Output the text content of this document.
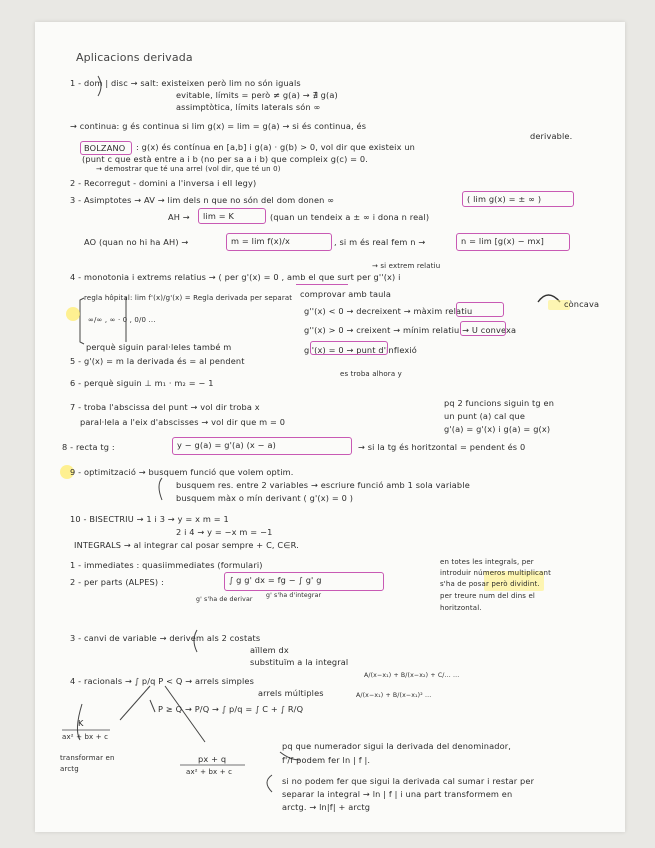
Aplicacions derivada
1 - dom | disc → salt: existeixen però lim no són iguals
evitable, límits = però ≠ g(a) → ∄ g(a)
assimptòtica, límits laterals són ∞
→ continua: g és continua si lim g(x) = lim = g(a) → si és continua, és
derivable.
BOLZANO : g(x) és contínua en [a,b] i g(a) · g(b) > 0, vol dir que existeix un
(punt c que està entre a i b (no per sa a i b) que compleix g(c) = 0.
→ demostrar que té una arrel (vol dir, que té un 0)
2 - Recorregut - domini a l'inversa i ell legy)
3 - Asimptotes → AV → lim dels n que no són del dom donen ∞	( lim g(x) = ± ∞ )
AH → lim = K	(quan un tendeix a ± ∞ i dona n real)
AO (quan no hi ha AH) →	m = lim f(x)/x	, si m és real fem n →	n = lim [g(x) − mx]
→ si extrem relatiu
4 - monotonia i extrems relatius → ( per g'(x) = 0 , amb el que surt per g''(x) i
comprovar amb taula
regla hôpital: lim f'(x)/g'(x) = Regla derivada per separat
∞/∞ , ∞ · 0 , 0/0 ...
g''(x) < 0 → decreixent → màxim relatiu
còncava
g''(x) > 0 → creixent → mínim relatiu → U convexa
g''(x) = 0 → punt d'inflexió
perquè siguin paral·leles també m
5 - g'(x) = m la derivada és = al pendent
es troba alhora y
6 - perquè siguin ⊥ m₁ · m₂ = − 1
7 - troba l'abscissa del punt → vol dir troba x
paral·lela a l'eix d'abscisses → vol dir que m = 0
pq 2 funcions siguin tg en
un punt (a) cal que
g'(a) = g'(x) i g(a) = g(x)
8 - recta tg :	y − g(a) = g'(a) (x − a)	→ si la tg és horitzontal = pendent és 0
9 - optimització → busquem funció que volem optim.
busquem res. entre 2 variables → escriure funció amb 1 sola variable
busquem màx o mín derivant ( g'(x) = 0 )
10 - BISECTRIU → 1 i 3 → y = x m = 1
2 i 4 → y = −x m = −1
INTEGRALS → al integrar cal posar sempre + C, C∈R.
1 - immediates : quasiimmediates (formulari)
2 - per parts (ALPES) :	∫ g g' dx = fg − ∫ g' g
g' s'ha de derivar
g' s'ha d'integrar
en totes les integrals, per
introduir números multiplicant
s'ha de posar però dividint.
per treure num del dins el
horitzontal.
3 - canvi de variable → derivem als 2 costats
aïllem dx
substituïm a la integral
4 - racionals → ∫ p/q P < Q → arrels simples
arrels múltiples
A/(x−x₁) + B/(x−x₂) + C/... ...
A/(x−x₁) + B/(x−x₁)² ...
P ≥ Q → P/Q → ∫ p/q = ∫ C + ∫ R/Q
K
ax² + bx + c
transformar en
arctg
px + q
ax² + bx + c
pq que numerador sigui la derivada del denominador,
f'/f podem fer ln | f |.
si no podem fer que sigui la derivada cal sumar i restar per
separar la integral → ln | f | i una part transformem en
arctg. → ln|f| + arctg
